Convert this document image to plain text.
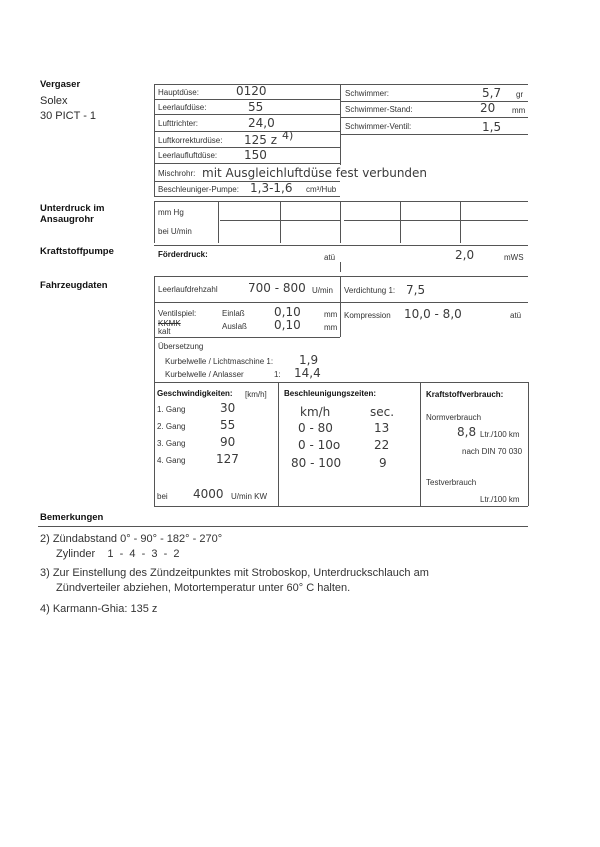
Vergaser
Solex
30 PICT - 1
Hauptdüse:	0120
Leerlaufdüse:	55
Lufttrichter:	24,0
Luftkorrekturdüse: 125 z 4)
Leerlaufluftdüse: 150
Mischrohr: mit Ausgleichluftdüse fest verbunden
Beschleuniger-Pumpe: 1,3-1,6 cm³/Hub
Schwimmer:	5,7 gr
Schwimmer-Stand:	20 mm
Schwimmer-Ventil:	1,5
Unterdruck im
Ansaugrohr
mm Hg
bei U/min
Kraftstoffpumpe	Förderdruck:	atü	2,0	mWS
Fahrzeugdaten	Leerlaufdrehzahl	700 - 800 U/min Verdichtung 1: 7,5
Ventilspiel:
KKMK
kalt
Einlaß 0,10	mm
Auslaß 0,10	mm
Kompression 10,0 - 8,0	atü
Übersetzung
Kurbelwelle / Lichtmaschine 1: 1,9
Kurbelwelle / Anlasser	1: 14,4
Geschwindigkeiten: [km/h]
1. Gang	30
2. Gang	55
3. Gang	90
4. Gang	127
bei 4000 U/min KW
Beschleunigungszeiten:
km/h	sec.
0 - 80	13
0 - 10o	22
80 - 100	9
Kraftstoffverbrauch:
Normverbrauch
8,8 Ltr./100 km
nach DIN 70 030
Testverbrauch
Ltr./100 km
Bemerkungen
2) Zündabstand 0° - 90° - 182° - 270°
Zylinder    1  -  4  -  3  -  2
3) Zur Einstellung des Zündzeitpunktes mit Stroboskop, Unterdruckschlauch am
Zündverteiler abziehen, Motortemperatur unter 60° C halten.
4) Karmann-Ghia: 135 z
